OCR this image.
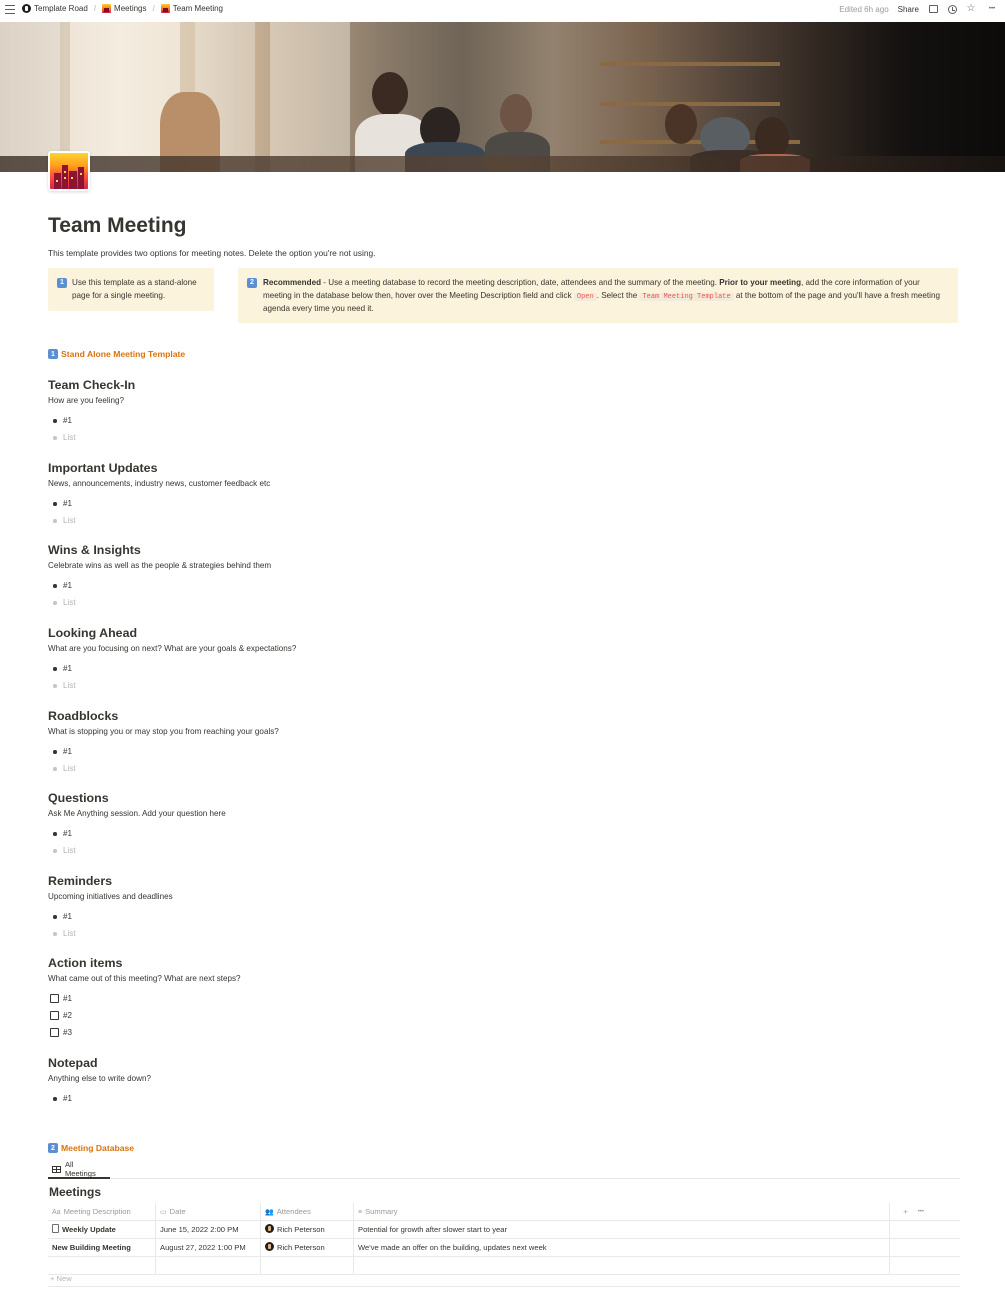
Template Road / Meetings / Team Meeting	Edited 6h ago Share	☆	•••
Team Meeting

This template provides two options for meeting notes. Delete the option you're not using.

1 Use this template as a stand-alone page for a single meeting.
2	Recommended - Use a meeting database to record the meeting description, date, attendees and the summary of the meeting. Prior to your meeting, add the core information of your meeting in the database below then, hover over the Meeting Description field and click Open . Select the Team Meeting Template at the bottom of the page and you'll have a fresh meeting agenda every time you need it.
1 Stand Alone Meeting Template
Team Check-In

How are you feeling?

#1
List
Important Updates

News, announcements, industry news, customer feedback etc

#1
List
Wins & Insights

Celebrate wins as well as the people & strategies behind them

#1
List
Looking Ahead

What are you focusing on next? What are your goals & expectations?

#1
List
Roadblocks

What is stopping you or may stop you from reaching your goals?

#1
List
Questions

Ask Me Anything session. Add your question here

#1
List
Reminders

Upcoming initiatives and deadlines

#1
List
Action items

What came out of this meeting? What are next steps?

#1
#2
#3
Notepad

Anything else to write down?

#1
2 Meeting Database
All Meetings
Meetings
Aa Meeting Description	▭ Date	👥 Attendees	≡ Summary	+ •••
Weekly Update	June 15, 2022 2:00 PM	Rich Peterson	Potential for growth after slower start to year
New Building Meeting	August 27, 2022 1:00 PM	Rich Peterson	We've made an offer on the building, updates next week
+ New
